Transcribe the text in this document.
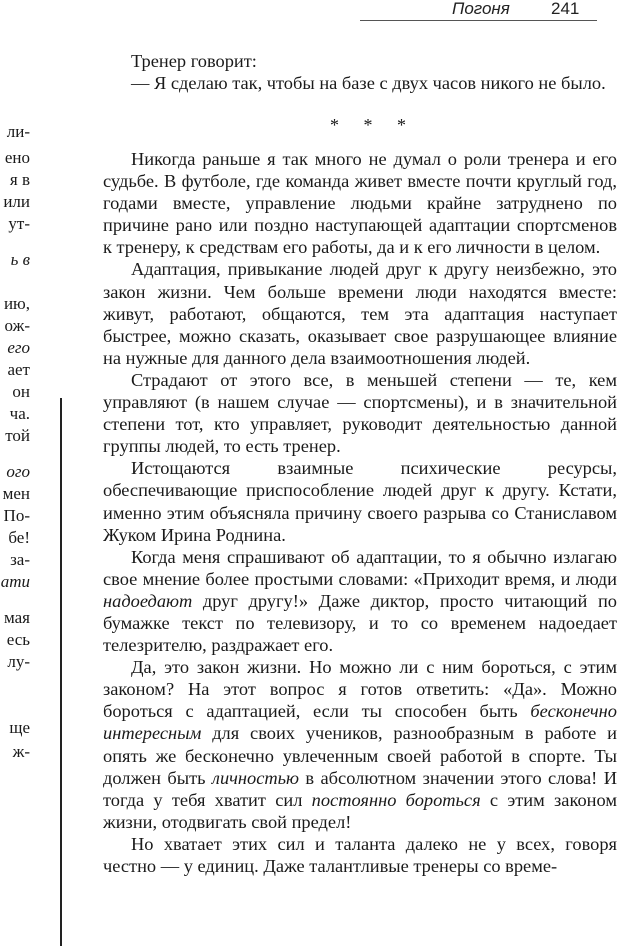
Погоня 241
ли-
ено
я в
или
ут-
ь в
ию,
ож-
его
ает
он
ча.
той
ого
мен
По-
бе!
за-
ати
мая
есь
лу-
ще
ж-

Тренер говорит:

— Я сделаю так, чтобы на базе с двух часов никого не было.

* * *

Никогда раньше я так много не думал о роли тренера и его судьбе. В футболе, где команда живет вместе почти круглый год, годами вместе, управление людьми крайне затруднено по причине рано или поздно наступающей адаптации спортсменов к тренеру, к средствам его работы, да и к его личности в целом.

Адаптация, привыкание людей друг к другу неизбежно, это закон жизни. Чем больше времени люди находятся вместе: живут, работают, общаются, тем эта адаптация наступает быстрее, можно сказать, оказывает свое разрушающее влияние на нужные для данного дела взаимоотношения людей.

Страдают от этого все, в меньшей степени — те, кем управляют (в нашем случае — спортсмены), и в значительной степени тот, кто управляет, руководит деятельностью данной группы людей, то есть тренер.

Истощаются взаимные психические ресурсы, обеспечивающие приспособление людей друг к другу. Кстати, именно этим объясняла причину своего разрыва со Станиславом Жуком Ирина Роднина.

Когда меня спрашивают об адаптации, то я обычно излагаю свое мнение более простыми словами: «Приходит время, и люди надоедают друг другу!» Даже диктор, просто читающий по бумажке текст по телевизору, и то со временем надоедает телезрителю, раздражает его.

Да, это закон жизни. Но можно ли с ним бороться, с этим законом? На этот вопрос я готов ответить: «Да». Можно бороться с адаптацией, если ты способен быть бесконечно интересным для своих учеников, разнообразным в работе и опять же бесконечно увлеченным своей работой в спорте. Ты должен быть личностью в абсолютном значении этого слова! И тогда у тебя хватит сил постоянно бороться с этим законом жизни, отодвигать свой предел!

Но хватает этих сил и таланта далеко не у всех, говоря честно — у единиц. Даже талантливые тренеры со време-
